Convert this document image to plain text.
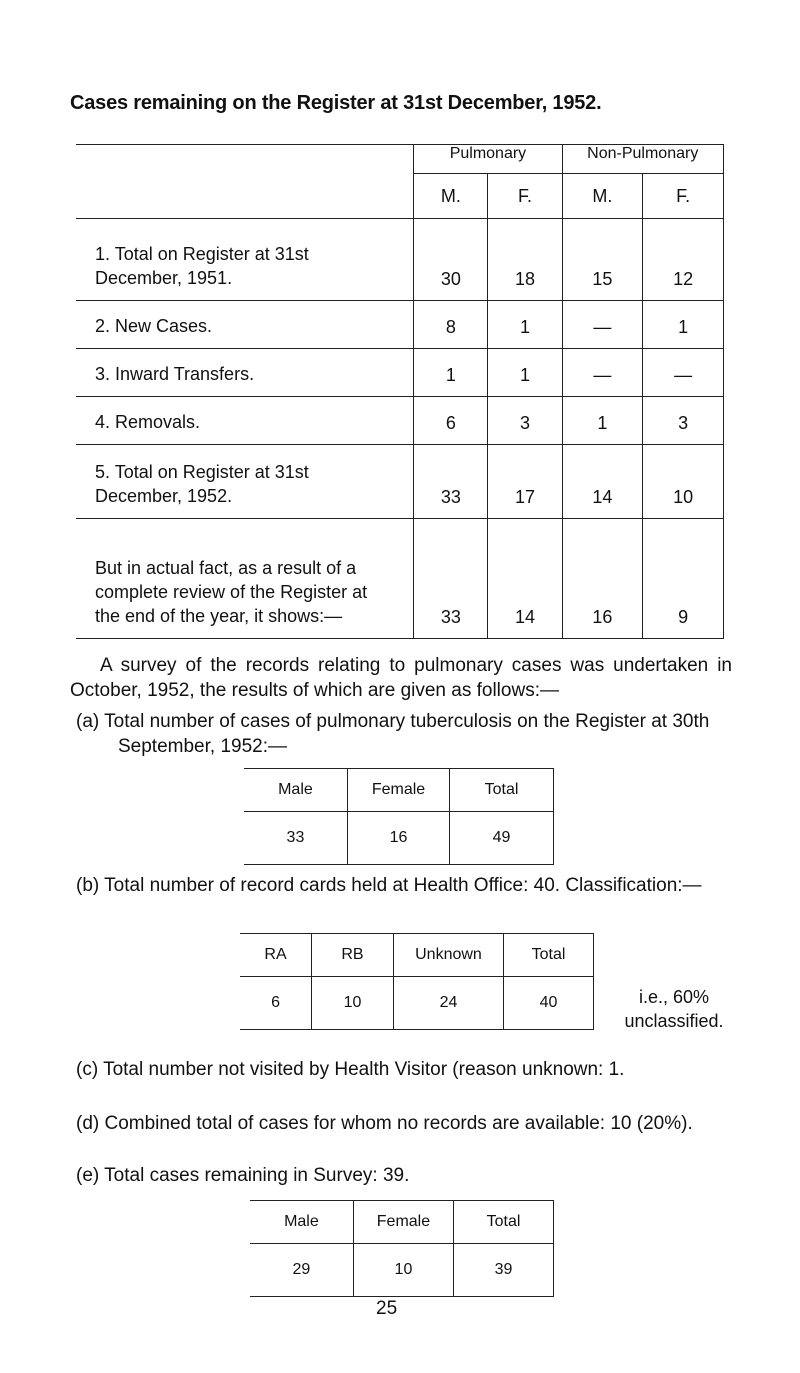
Cases remaining on the Register at 31st December, 1952.
	Pulmonary		Non-Pulmonary	
	M.	F.	M.	F.
1. Total on Register at 31st December, 1951.	30	18	15	12
2. New Cases.	8	1	—	1
3. Inward Transfers.	1	1	—	—
4. Removals.	6	3	1	3
5. Total on Register at 31st December, 1952.	33	17	14	10
But in actual fact, as a result of a complete review of the Register at the end of the year, it shows:—	33	14	16	9
A survey of the records relating to pulmonary cases was undertaken in October, 1952, the results of which are given as follows:—
(a) Total number of cases of pulmonary tuberculosis on the Register at 30th September, 1952:—
Male	Female	Total
33	16	49
(b) Total number of record cards held at Health Office: 40. Classification:—
RA	RB	Unknown	Total
6	10	24	40	i.e., 60% unclassified.
(c) Total number not visited by Health Visitor (reason unknown: 1.
(d) Combined total of cases for whom no records are available: 10 (20%).
(e) Total cases remaining in Survey: 39.
Male	Female	Total
29	10	39
25
